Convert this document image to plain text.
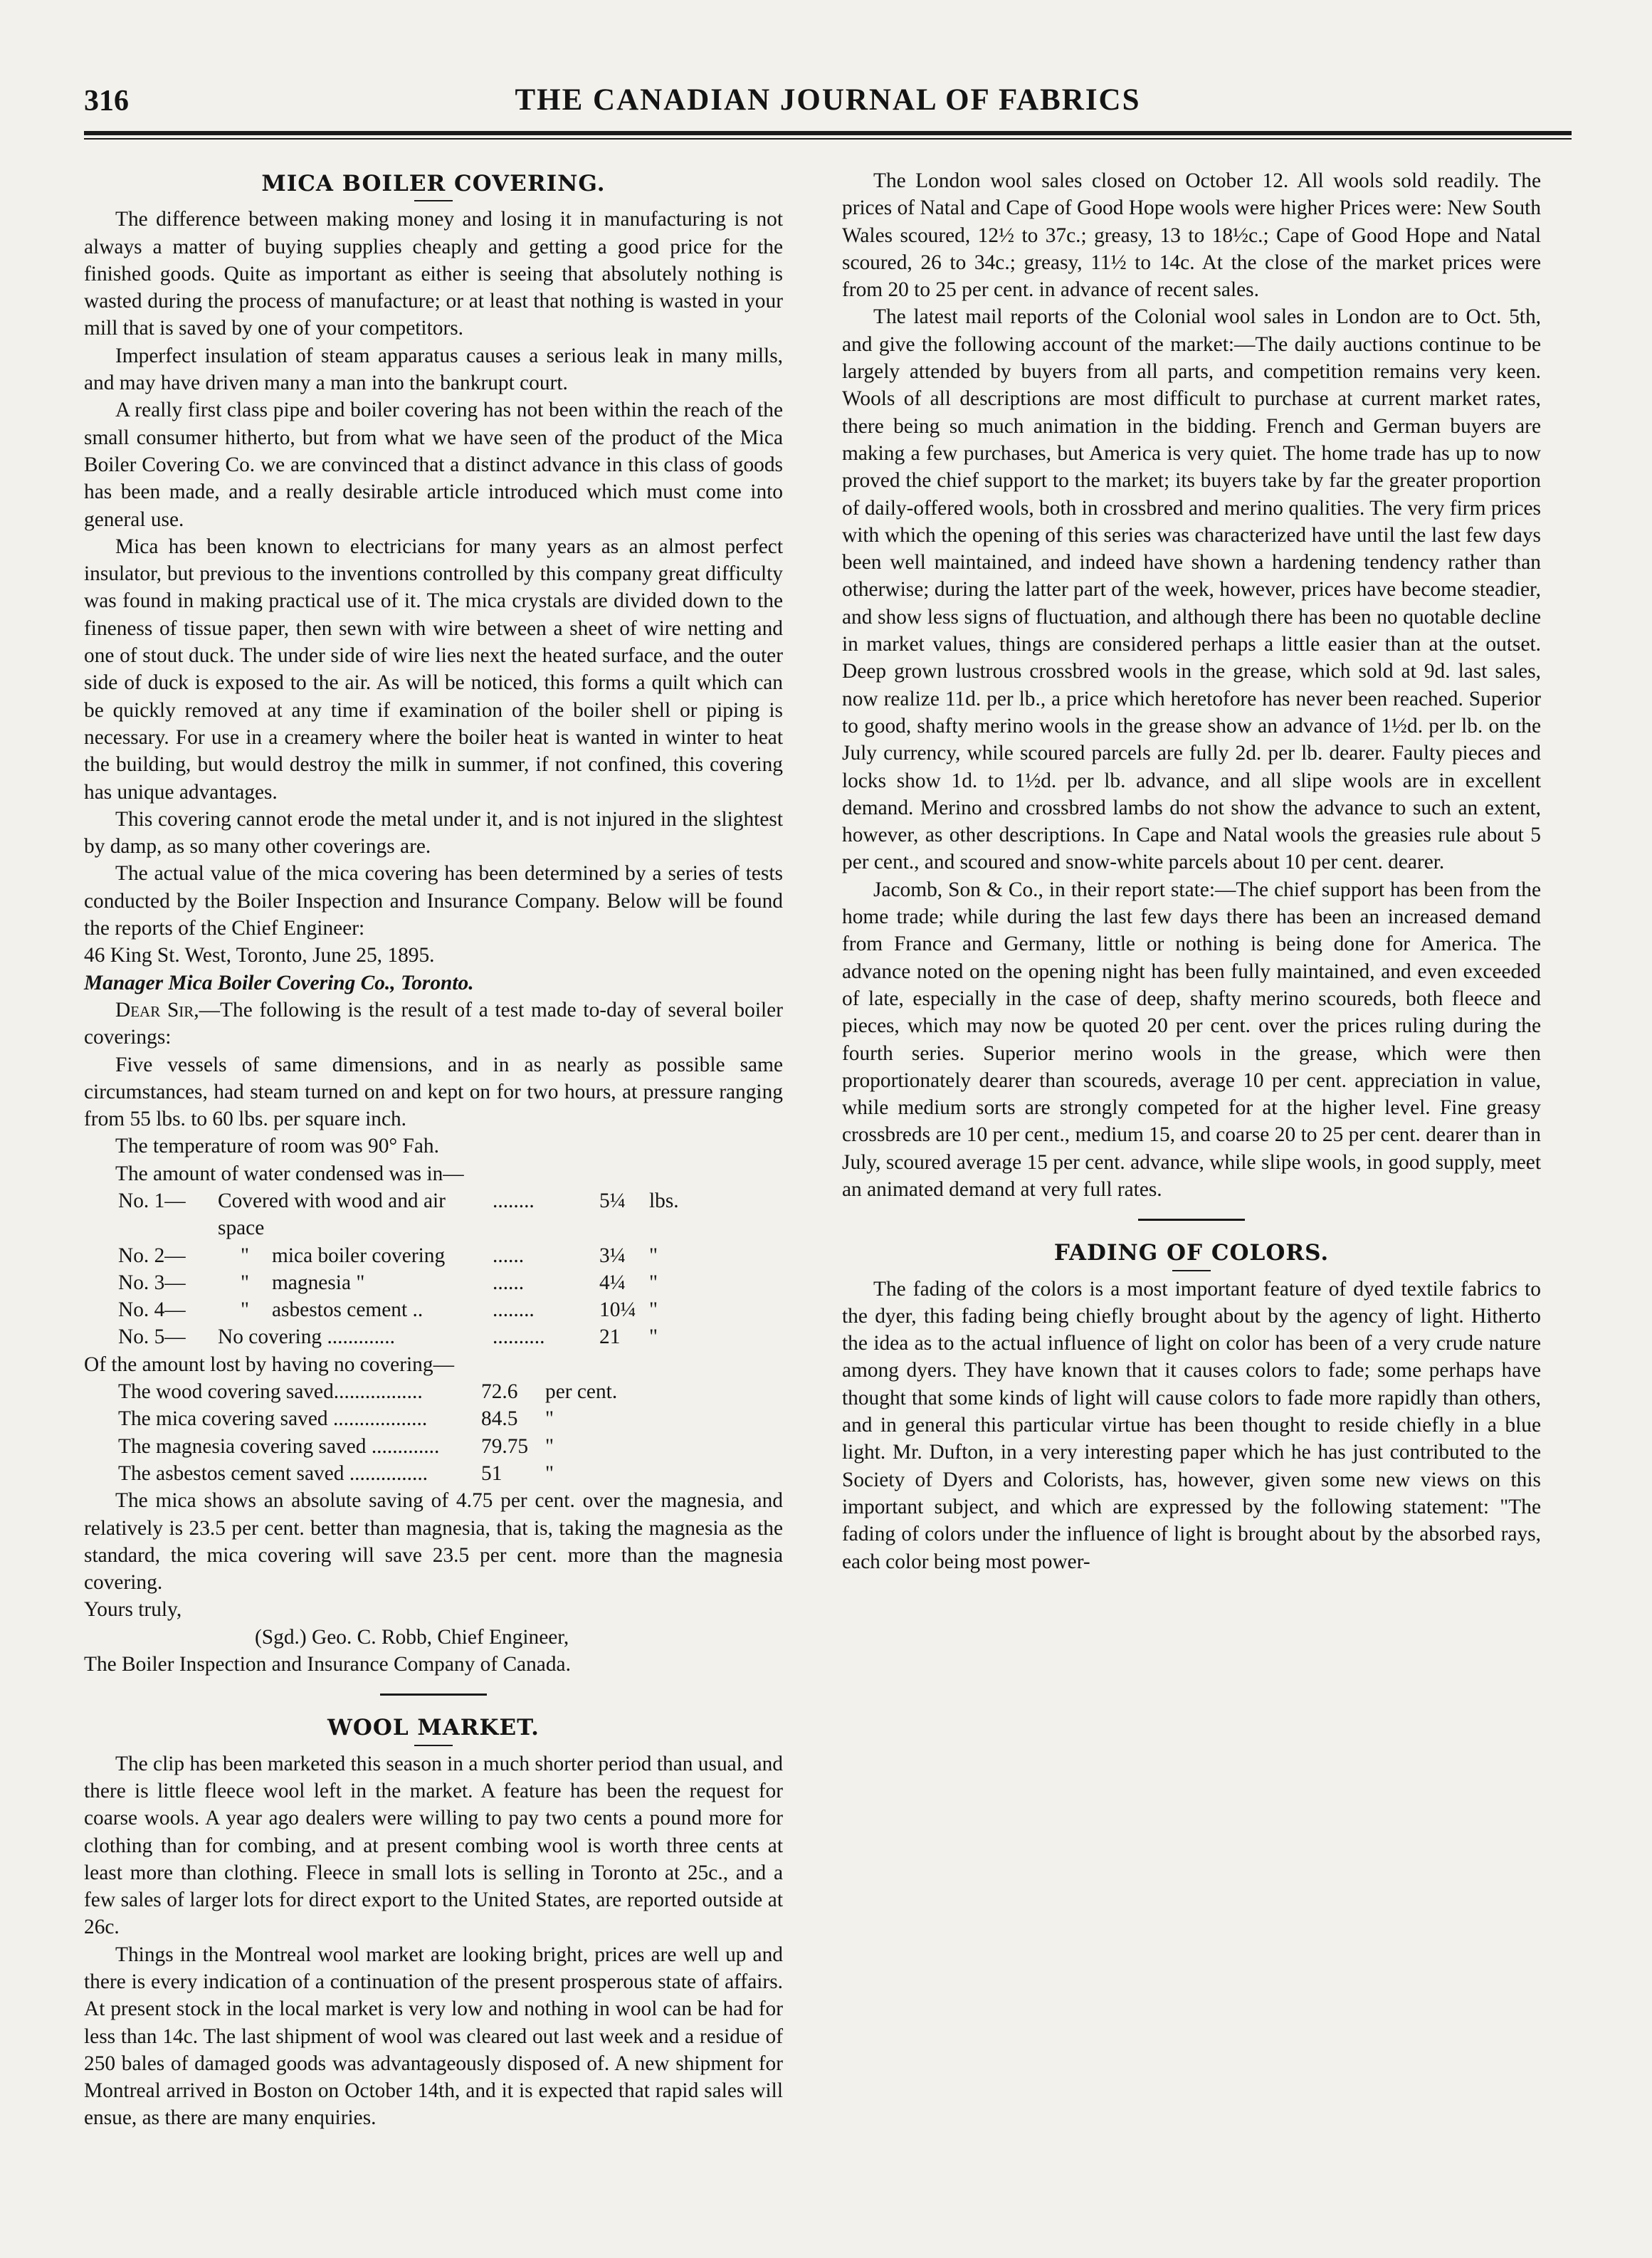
316	THE CANADIAN JOURNAL OF FABRICS
MICA BOILER COVERING.

The difference between making money and losing it in manufacturing is not always a matter of buying supplies cheaply and getting a good price for the finished goods. Quite as important as either is seeing that absolutely nothing is wasted during the process of manufacture; or at least that nothing is wasted in your mill that is saved by one of your competitors.

Imperfect insulation of steam apparatus causes a serious leak in many mills, and may have driven many a man into the bankrupt court.

A really first class pipe and boiler covering has not been within the reach of the small consumer hitherto, but from what we have seen of the product of the Mica Boiler Covering Co. we are convinced that a distinct advance in this class of goods has been made, and a really desirable article introduced which must come into general use.

Mica has been known to electricians for many years as an almost perfect insulator, but previous to the inventions controlled by this company great difficulty was found in making practical use of it. The mica crystals are divided down to the fineness of tissue paper, then sewn with wire between a sheet of wire netting and one of stout duck. The under side of wire lies next the heated surface, and the outer side of duck is exposed to the air. As will be noticed, this forms a quilt which can be quickly removed at any time if examination of the boiler shell or piping is necessary. For use in a creamery where the boiler heat is wanted in winter to heat the building, but would destroy the milk in summer, if not confined, this covering has unique advantages.

This covering cannot erode the metal under it, and is not injured in the slightest by damp, as so many other coverings are.

The actual value of the mica covering has been determined by a series of tests conducted by the Boiler Inspection and Insurance Company. Below will be found the reports of the Chief Engineer:

46 King St. West, Toronto, June 25, 1895.

Manager Mica Boiler Covering Co., Toronto.

Dear Sir,—The following is the result of a test made to-day of several boiler coverings:

Five vessels of same dimensions, and in as nearly as possible same circumstances, had steam turned on and kept on for two hours, at pressure ranging from 55 lbs. to 60 lbs. per square inch.

The temperature of room was 90° Fah.

The amount of water condensed was in—

No. 1—	Covered with wood and air space		........	5¼	lbs.
No. 2—	"	mica boiler covering	......	3¼	"
No. 3—	"	magnesia "	......	4¼	"
No. 4—	"	asbestos cement ..	........	10¼	"
No. 5—	No covering .............		..........	21	"

Of the amount lost by having no covering—

The wood covering saved.................	72.6	per cent.
The mica covering saved ..................	84.5	"
The magnesia covering saved .............	79.75	"
The asbestos cement saved ...............	51	"

The mica shows an absolute saving of 4.75 per cent. over the magnesia, and relatively is 23.5 per cent. better than magnesia, that is, taking the magnesia as the standard, the mica covering will save 23.5 per cent. more than the magnesia covering.

Yours truly,

(Sgd.) Geo. C. Robb, Chief Engineer,

The Boiler Inspection and Insurance Company of Canada.

WOOL MARKET.

The clip has been marketed this season in a much shorter period than usual, and there is little fleece wool left in the market. A feature has been the request for coarse wools. A year ago dealers were willing to pay two cents a pound more for clothing than for combing, and at present combing wool is worth three cents at least more than clothing. Fleece in small lots is selling in Toronto at 25c., and a few sales of larger lots for direct export to the United States, are reported outside at 26c.

Things in the Montreal wool market are looking bright, prices are well up and there is every indication of a continuation of the present prosperous state of affairs. At present stock in the local market is very low and nothing in wool can be had for less than 14c. The last shipment of wool was cleared out last week and a residue of 250 bales of damaged goods was advantageously disposed of. A new shipment for Montreal arrived in Boston on October 14th, and it is expected that rapid sales will ensue, as there are many enquiries.

The London wool sales closed on October 12. All wools sold readily. The prices of Natal and Cape of Good Hope wools were higher Prices were: New South Wales scoured, 12½ to 37c.; greasy, 13 to 18½c.; Cape of Good Hope and Natal scoured, 26 to 34c.; greasy, 11½ to 14c. At the close of the market prices were from 20 to 25 per cent. in advance of recent sales.

The latest mail reports of the Colonial wool sales in London are to Oct. 5th, and give the following account of the market:—The daily auctions continue to be largely attended by buyers from all parts, and competition remains very keen. Wools of all descriptions are most difficult to purchase at current market rates, there being so much animation in the bidding. French and German buyers are making a few purchases, but America is very quiet. The home trade has up to now proved the chief support to the market; its buyers take by far the greater proportion of daily-offered wools, both in crossbred and merino qualities. The very firm prices with which the opening of this series was characterized have until the last few days been well maintained, and indeed have shown a hardening tendency rather than otherwise; during the latter part of the week, however, prices have become steadier, and show less signs of fluctuation, and although there has been no quotable decline in market values, things are considered perhaps a little easier than at the outset. Deep grown lustrous crossbred wools in the grease, which sold at 9d. last sales, now realize 11d. per lb., a price which heretofore has never been reached. Superior to good, shafty merino wools in the grease show an advance of 1½d. per lb. on the July currency, while scoured parcels are fully 2d. per lb. dearer. Faulty pieces and locks show 1d. to 1½d. per lb. advance, and all slipe wools are in excellent demand. Merino and crossbred lambs do not show the advance to such an extent, however, as other descriptions. In Cape and Natal wools the greasies rule about 5 per cent., and scoured and snow-white parcels about 10 per cent. dearer.

Jacomb, Son & Co., in their report state:—The chief support has been from the home trade; while during the last few days there has been an increased demand from France and Germany, little or nothing is being done for America. The advance noted on the opening night has been fully maintained, and even exceeded of late, especially in the case of deep, shafty merino scoureds, both fleece and pieces, which may now be quoted 20 per cent. over the prices ruling during the fourth series. Superior merino wools in the grease, which were then proportionately dearer than scoureds, average 10 per cent. appreciation in value, while medium sorts are strongly competed for at the higher level. Fine greasy crossbreds are 10 per cent., medium 15, and coarse 20 to 25 per cent. dearer than in July, scoured average 15 per cent. advance, while slipe wools, in good supply, meet an animated demand at very full rates.

FADING OF COLORS.

The fading of the colors is a most important feature of dyed textile fabrics to the dyer, this fading being chiefly brought about by the agency of light. Hitherto the idea as to the actual influence of light on color has been of a very crude nature among dyers. They have known that it causes colors to fade; some perhaps have thought that some kinds of light will cause colors to fade more rapidly than others, and in general this particular virtue has been thought to reside chiefly in a blue light. Mr. Dufton, in a very interesting paper which he has just contributed to the Society of Dyers and Colorists, has, however, given some new views on this important subject, and which are expressed by the following statement: "The fading of colors under the influence of light is brought about by the absorbed rays, each color being most power-
